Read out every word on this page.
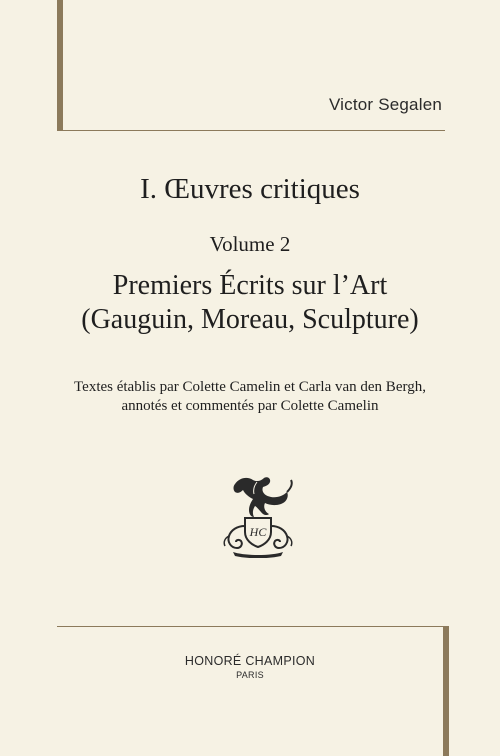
Victor Segalen
I. Œuvres critiques
Volume 2
Premiers Écrits sur l’Art
(Gauguin, Moreau, Sculpture)
Textes établis par Colette Camelin et Carla van den Bergh,
annotés et commentés par Colette Camelin
HC
HONORÉ CHAMPION
PARIS
